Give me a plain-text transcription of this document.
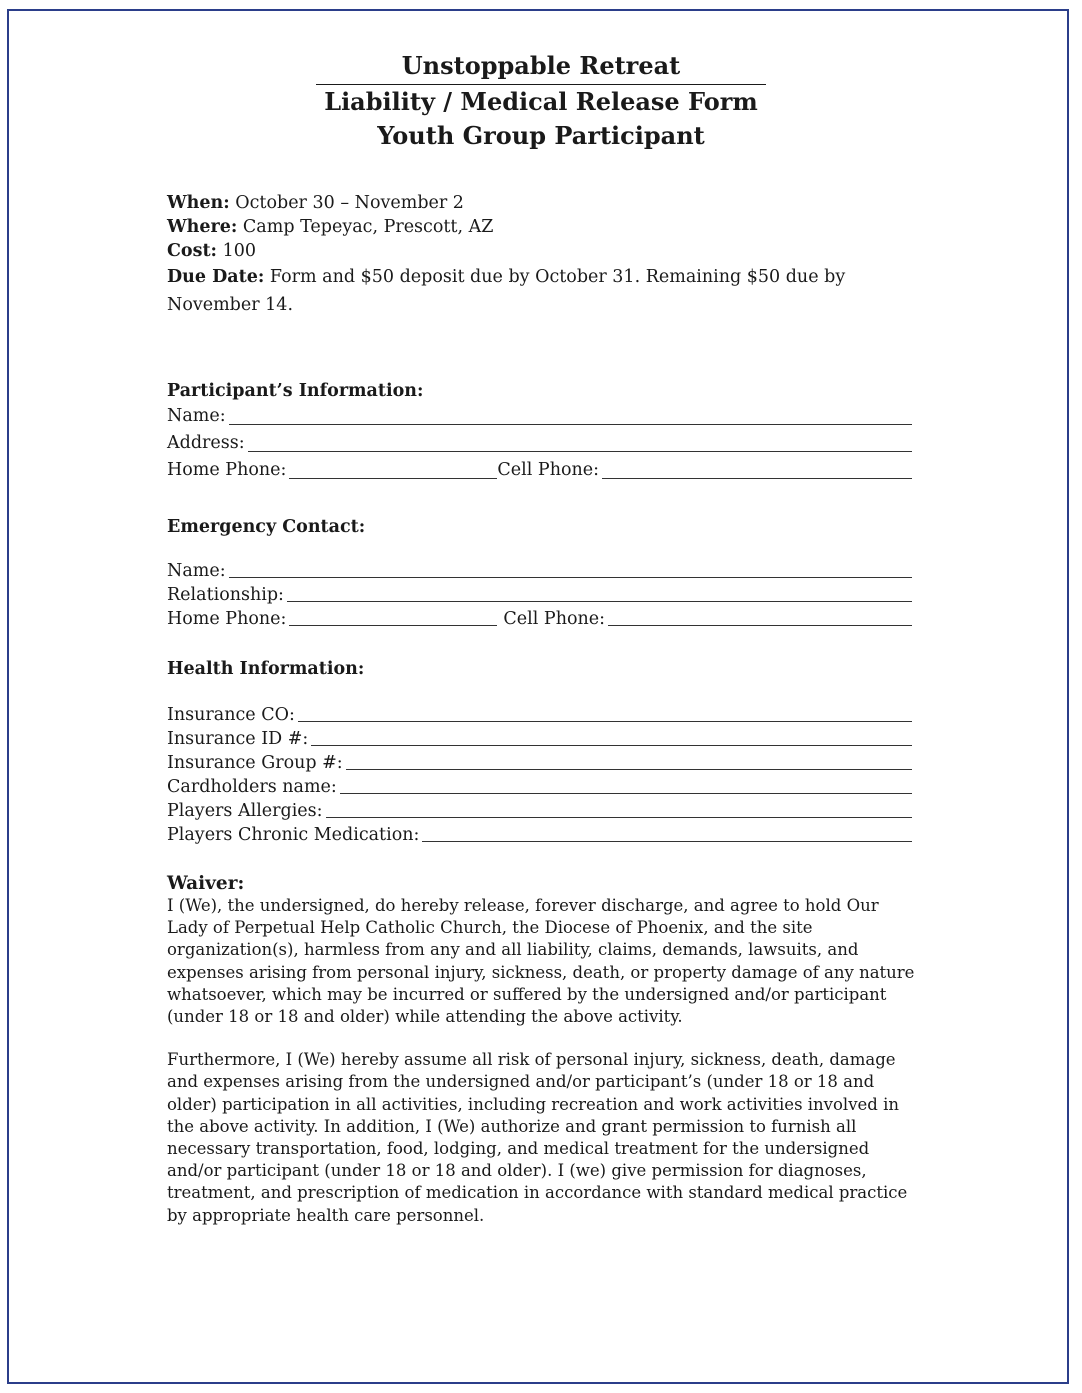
Unstoppable Retreat
Liability / Medical Release Form
Youth Group Participant
When: October 30 – November 2
Where: Camp Tepeyac, Prescott, AZ
Cost: 100
Due Date: Form and $50 deposit due by October 31. Remaining $50 due by November 14.
Participant’s Information:
Name:
Address:
Home Phone:	Cell Phone:
Emergency Contact:
Name:
Relationship:
Home Phone:	Cell Phone:
Health Information:
Insurance CO:
Insurance ID #:
Insurance Group #:
Cardholders name:
Players Allergies:
Players Chronic Medication:
Waiver:

I (We), the undersigned, do hereby release, forever discharge, and agree to hold Our Lady of Perpetual Help Catholic Church, the Diocese of Phoenix, and the site organization(s), harmless from any and all liability, claims, demands, lawsuits, and expenses arising from personal injury, sickness, death, or property damage of any nature whatsoever, which may be incurred or suffered by the undersigned and/or participant (under 18 or 18 and older) while attending the above activity.

Furthermore, I (We) hereby assume all risk of personal injury, sickness, death, damage and expenses arising from the undersigned and/or participant’s (under 18 or 18 and older) participation in all activities, including recreation and work activities involved in the above activity. In addition, I (We) authorize and grant permission to furnish all necessary transportation, food, lodging, and medical treatment for the undersigned and/or participant (under 18 or 18 and older). I (we) give permission for diagnoses, treatment, and prescription of medication in accordance with standard medical practice by appropriate health care personnel.
